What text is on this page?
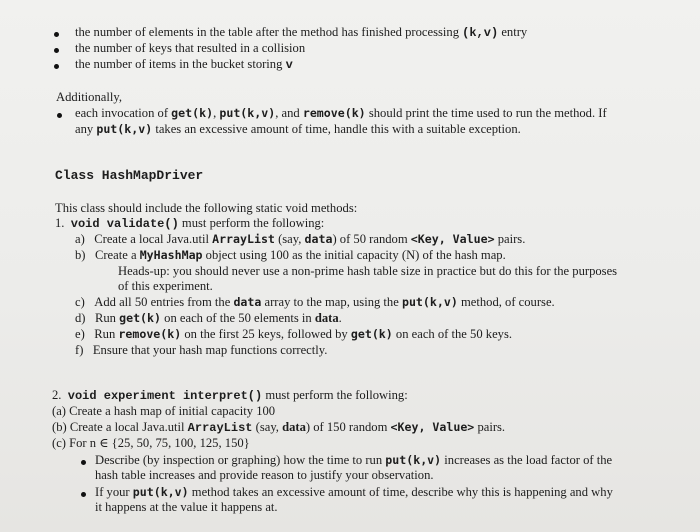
the number of elements in the table after the method has finished processing (k,v) entry
the number of keys that resulted in a collision
the number of items in the bucket storing v
Additionally,
each invocation of get(k), put(k,v), and remove(k) should print the time used to run the method. If
any put(k,v) takes an excessive amount of time, handle this with a suitable exception.
Class HashMapDriver
This class should include the following static void methods:
1. void validate() must perform the following:
a) Create a local Java.util ArrayList (say, data) of 50 random <Key, Value> pairs.
b) Create a MyHashMap object using 100 as the initial capacity (N) of the hash map.
Heads-up: you should never use a non-prime hash table size in practice but do this for the purposes
of this experiment.
c) Add all 50 entries from the data array to the map, using the put(k,v) method, of course.
d) Run get(k) on each of the 50 elements in data.
e) Run remove(k) on the first 25 keys, followed by get(k) on each of the 50 keys.
f) Ensure that your hash map functions correctly.
2. void experiment interpret() must perform the following:
(a) Create a hash map of initial capacity 100
(b) Create a local Java.util ArrayList (say, data) of 150 random <Key, Value> pairs.
(c) For n ∈ {25, 50, 75, 100, 125, 150}
Describe (by inspection or graphing) how the time to run put(k,v) increases as the load factor of the
hash table increases and provide reason to justify your observation.
If your put(k,v) method takes an excessive amount of time, describe why this is happening and why
it happens at the value it happens at.
